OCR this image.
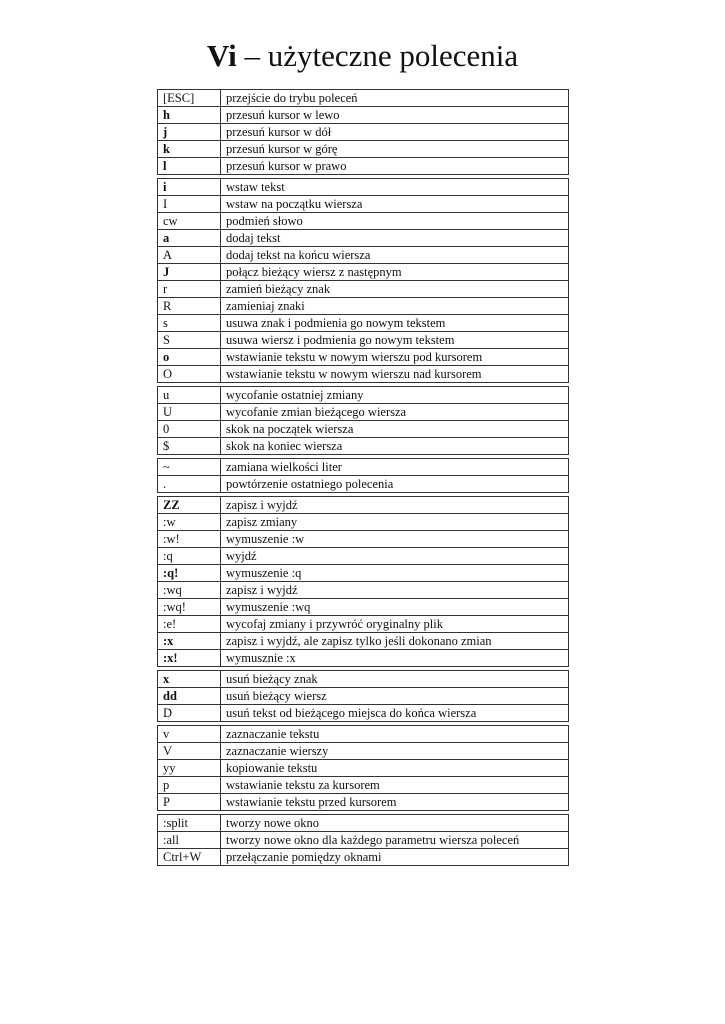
Vi – użyteczne polecenia
[ESC]	przejście do trybu poleceń
h	przesuń kursor w lewo
j	przesuń kursor w dół
k	przesuń kursor w górę
l	przesuń kursor w prawo
i	wstaw tekst
I	wstaw na początku wiersza
cw	podmień słowo
a	dodaj tekst
A	dodaj tekst na końcu wiersza
J	połącz bieżący wiersz z następnym
r	zamień bieżący znak
R	zamieniaj znaki
s	usuwa znak i podmienia go nowym tekstem
S	usuwa wiersz i podmienia go nowym tekstem
o	wstawianie tekstu w nowym wierszu pod kursorem
O	wstawianie tekstu w nowym wierszu nad kursorem
u	wycofanie ostatniej zmiany
U	wycofanie zmian bieżącego wiersza
0	skok na początek wiersza
$	skok na koniec wiersza
~	zamiana wielkości liter
.	powtórzenie ostatniego polecenia
ZZ	zapisz i wyjdź
:w	zapisz zmiany
:w!	wymuszenie :w
:q	wyjdź
:q!	wymuszenie :q
:wq	zapisz i wyjdź
:wq!	wymuszenie :wq
:e!	wycofaj zmiany i przywróć oryginalny plik
:x	zapisz i wyjdź, ale zapisz tylko jeśli dokonano zmian
:x!	wymusznie :x
x	usuń bieżący znak
dd	usuń bieżący wiersz
D	usuń tekst od bieżącego miejsca do końca wiersza
v	zaznaczanie tekstu
V	zaznaczanie wierszy
yy	kopiowanie tekstu
p	wstawianie tekstu za kursorem
P	wstawianie tekstu przed kursorem
:split	tworzy nowe okno
:all	tworzy nowe okno dla każdego parametru wiersza poleceń
Ctrl+W	przełączanie pomiędzy oknami
